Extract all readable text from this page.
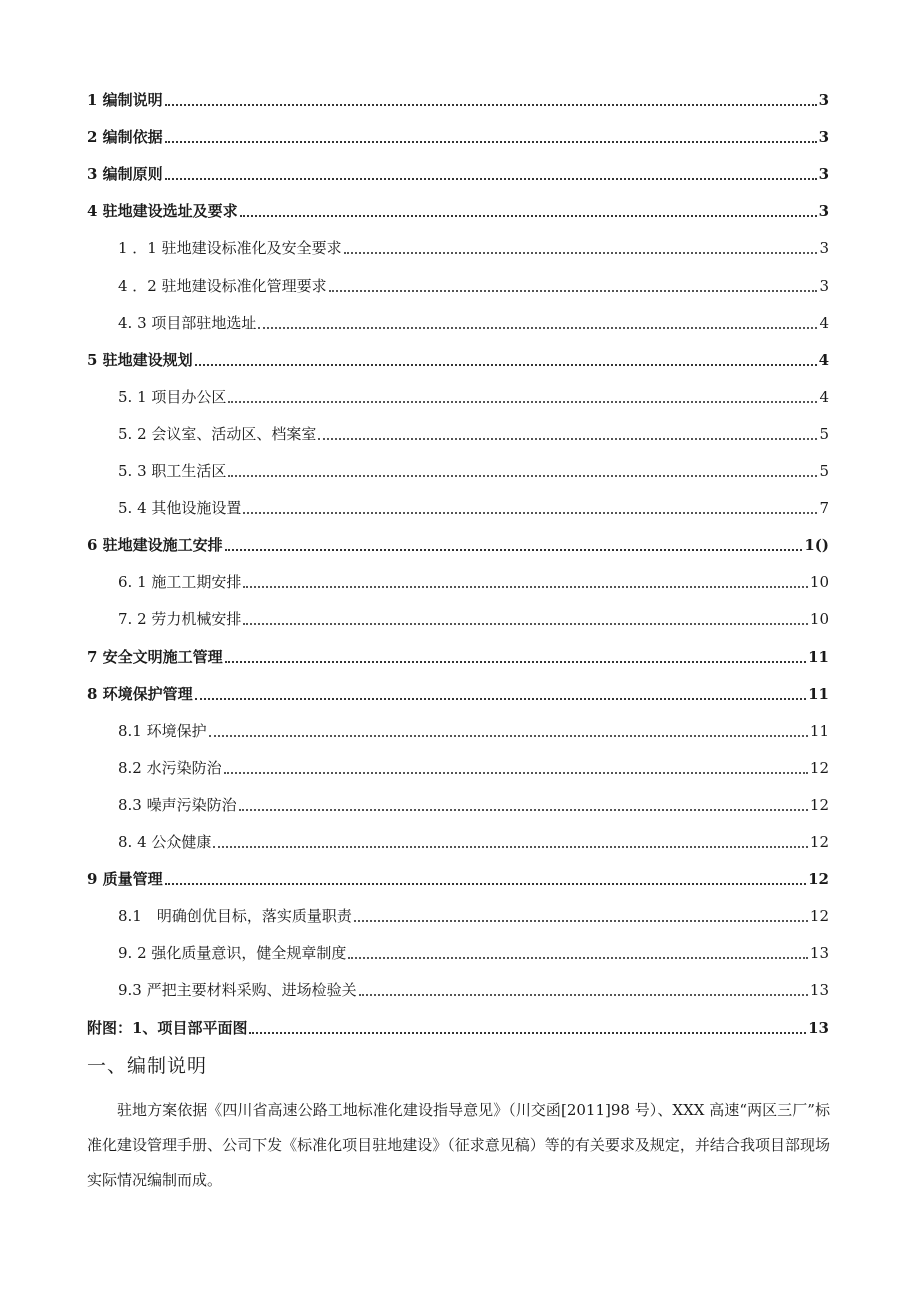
1 编制说明	3
2 编制依据	3
3 编制原则	3
4 驻地建设选址及要求	3
1 ．1 驻地建设标准化及安全要求	3
4 ．2 驻地建设标准化管理要求	3
4. 3 项目部驻地选址	4
5 驻地建设规划	4
5. 1 项目办公区	4
5. 2 会议室、活动区、档案室	5
5. 3 职工生活区	5
5. 4 其他设施设置	7
6 驻地建设施工安排	1()
6. 1 施工工期安排	10
7. 2 劳力机械安排	10
7 安全文明施工管理	11
8 环境保护管理	11
8.1 环境保护	11
8.2 水污染防治	12
8.3 噪声污染防治	12
8. 4 公众健康	12
9 质量管理	12
8.1　明确创优目标，落实质量职责	12
9. 2 强化质量意识，健全规章制度	13
9.3 严把主要材料采购、进场检验关	13
附图：1、项目部平面图	13
一、编制说明
驻地方案依据《四川省高速公路工地标准化建设指导意见》（川交函[2011]98 号）、XXX 高速“两区三厂”标准化建设管理手册、公司下发《标准化项目驻地建设》（征求意见稿）等的有关要求及规定，并结合我项目部现场实际情况编制而成。
